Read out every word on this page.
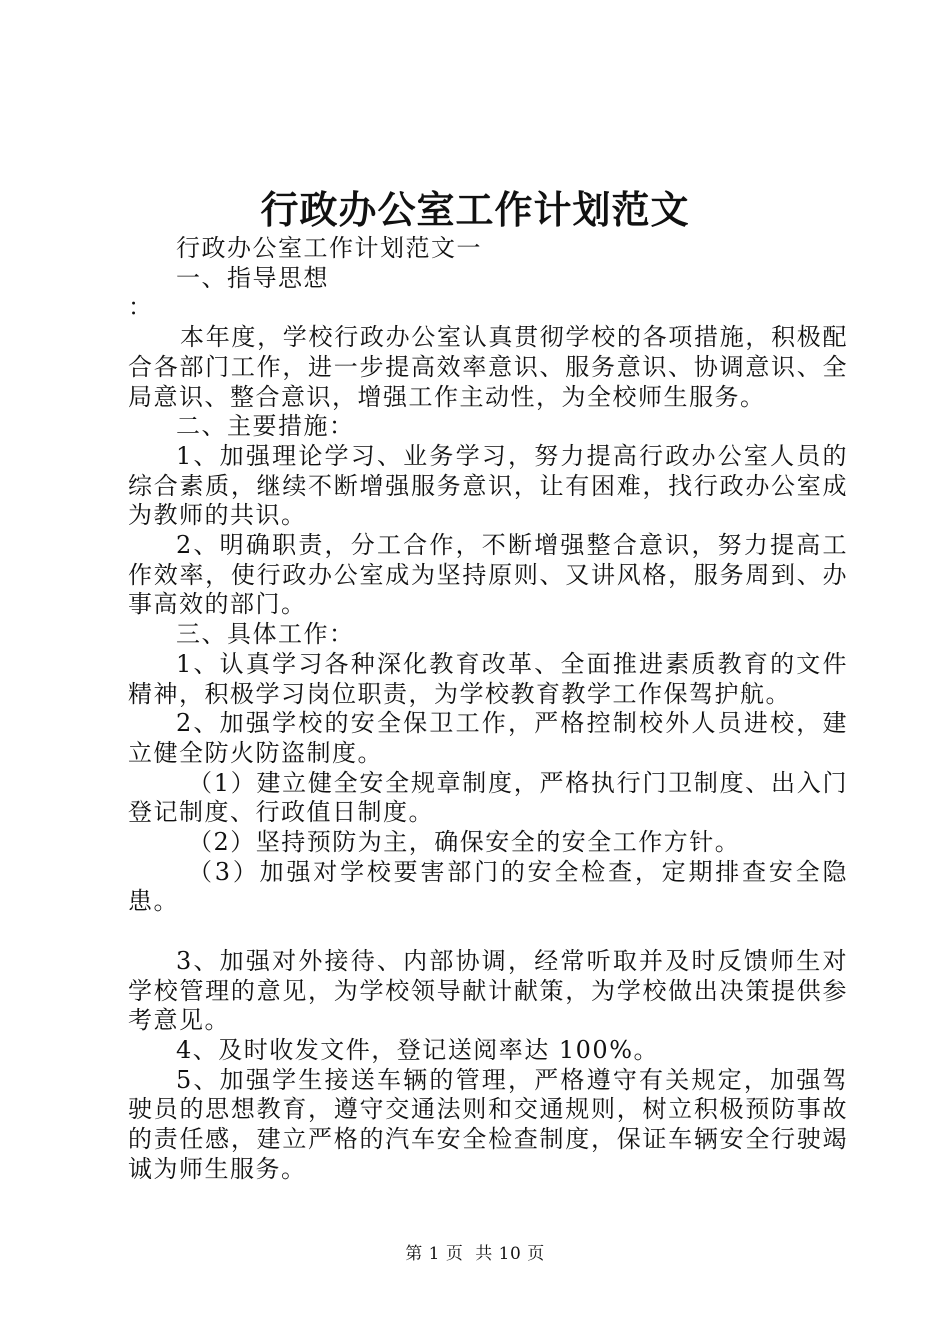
行政办公室工作计划范文

行政办公室工作计划范文一

一、指导思想

：

本年度，学校行政办公室认真贯彻学校的各项措施，积极配合各部门工作，进一步提高效率意识、服务意识、协调意识、全局意识、整合意识，增强工作主动性，为全校师生服务。

二、主要措施：

1、加强理论学习、业务学习，努力提高行政办公室人员的综合素质，继续不断增强服务意识，让有困难，找行政办公室成为教师的共识。

2、明确职责，分工合作，不断增强整合意识，努力提高工作效率，使行政办公室成为坚持原则、又讲风格，服务周到、办事高效的部门。

三、具体工作：

1、认真学习各种深化教育改革、全面推进素质教育的文件精神，积极学习岗位职责，为学校教育教学工作保驾护航。

2、加强学校的安全保卫工作，严格控制校外人员进校，建立健全防火防盗制度。

（1）建立健全安全规章制度，严格执行门卫制度、出入门登记制度、行政值日制度。

（2）坚持预防为主，确保安全的安全工作方针。

（3）加强对学校要害部门的安全检查，定期排查安全隐患。

3、加强对外接待、内部协调，经常听取并及时反馈师生对学校管理的意见，为学校领导献计献策，为学校做出决策提供参考意见。

4、及时收发文件，登记送阅率达 100%。

5、加强学生接送车辆的管理，严格遵守有关规定，加强驾驶员的思想教育，遵守交通法则和交通规则，树立积极预防事故的责任感，建立严格的汽车安全检查制度，保证车辆安全行驶竭诚为师生服务。

第 1 页 共 10 页
